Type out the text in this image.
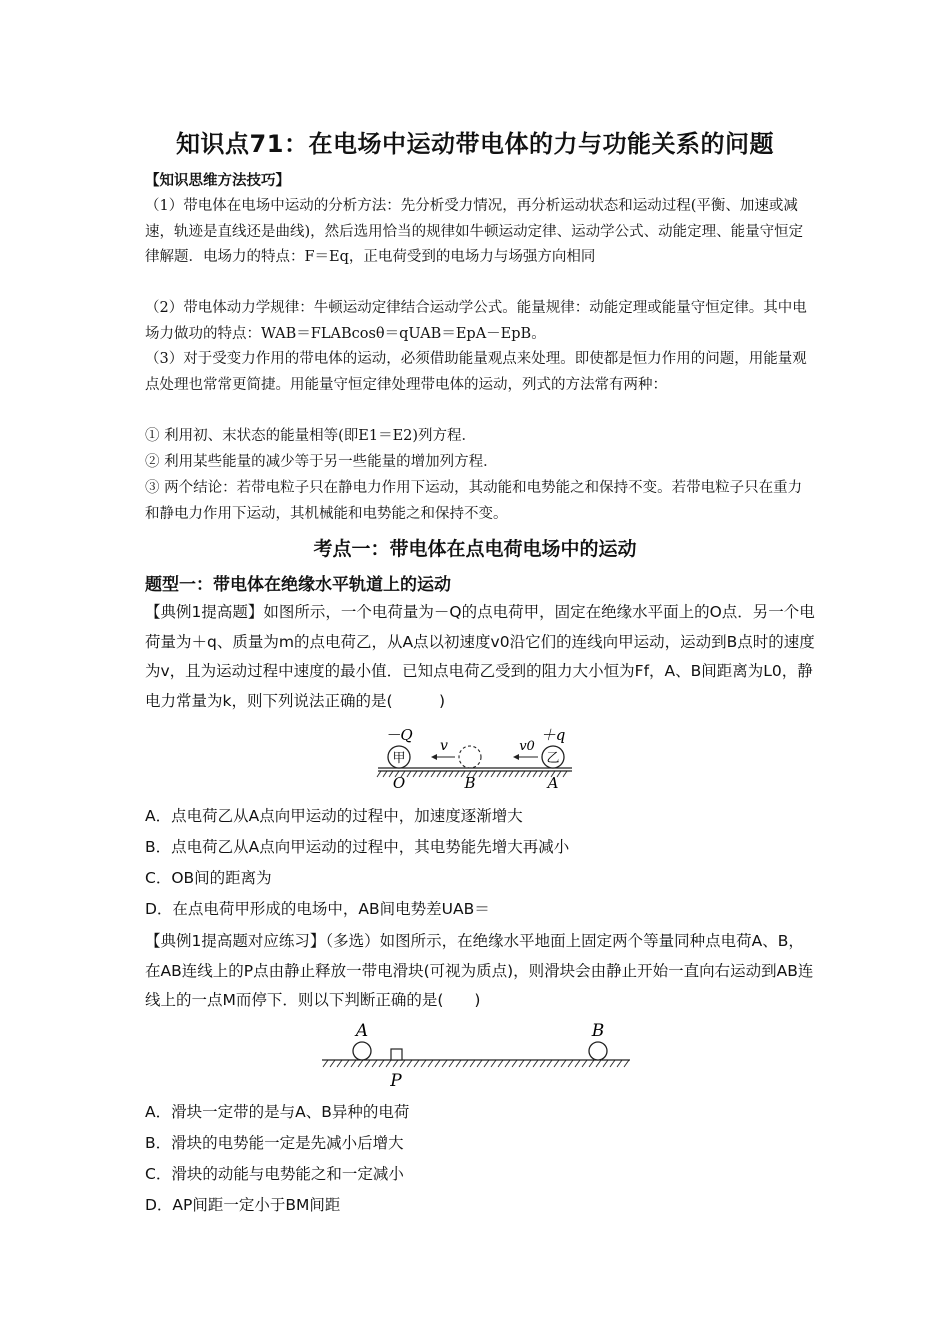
知识点71：在电场中运动带电体的力与功能关系的问题
【知识思维方法技巧】
（1）带电体在电场中运动的分析方法：先分析受力情况，再分析运动状态和运动过程(平衡、加速或减速，轨迹是直线还是曲线)，然后选用恰当的规律如牛顿运动定律、运动学公式、动能定理、能量守恒定律解题．电场力的特点：F＝Eq，正电荷受到的电场力与场强方向相同
（2）带电体动力学规律：牛顿运动定律结合运动学公式。能量规律：动能定理或能量守恒定律。其中电场力做功的特点：WAB＝FLABcosθ＝qUAB＝EpA－EpB。
（3）对于受变力作用的带电体的运动，必须借助能量观点来处理。即使都是恒力作用的问题，用能量观点处理也常常更简捷。用能量守恒定律处理带电体的运动，列式的方法常有两种：
① 利用初、末状态的能量相等(即E1＝E2)列方程．
② 利用某些能量的减少等于另一些能量的增加列方程．
③ 两个结论：若带电粒子只在静电力作用下运动，其动能和电势能之和保持不变。若带电粒子只在重力和静电力作用下运动，其机械能和电势能之和保持不变。
考点一：带电体在点电荷电场中的运动
题型一：带电体在绝缘水平轨道上的运动
【典例1提高题】如图所示，一个电荷量为－Q的点电荷甲，固定在绝缘水平面上的O点．另一个电荷量为＋q、质量为m的点电荷乙，从A点以初速度v0沿它们的连线向甲运动，运动到B点时的速度为v，且为运动过程中速度的最小值．已知点电荷乙受到的阻力大小恒为Ff，A、B间距离为L0，静电力常量为k，则下列说法正确的是(　　　)
甲
－Q
v
乙
＋q
v0
O	B	A
A．点电荷乙从A点向甲运动的过程中，加速度逐渐增大
B．点电荷乙从A点向甲运动的过程中，其电势能先增大再减小
C．OB间的距离为
D．在点电荷甲形成的电场中，AB间电势差UAB＝
【典例1提高题对应练习】（多选）如图所示，在绝缘水平地面上固定两个等量同种点电荷A、B，在AB连线上的P点由静止释放一带电滑块(可视为质点)，则滑块会由静止开始一直向右运动到AB连线上的一点M而停下．则以下判断正确的是(　　)
A	B
P
A．滑块一定带的是与A、B异种的电荷
B．滑块的电势能一定是先减小后增大
C．滑块的动能与电势能之和一定减小
D．AP间距一定小于BM间距
